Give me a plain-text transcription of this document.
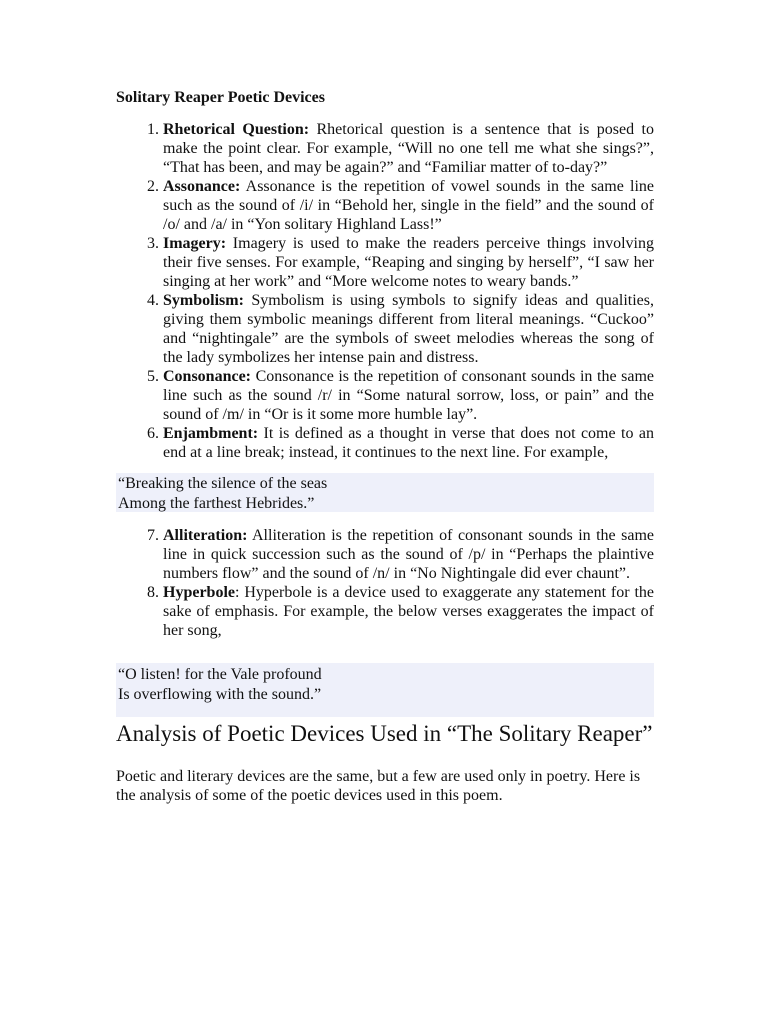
Solitary Reaper Poetic Devices
1. Rhetorical Question: Rhetorical question is a sentence that is posed to make the point clear. For example, “Will no one tell me what she sings?”, “That has been, and may be again?” and “Familiar matter of to-day?”
2. Assonance: Assonance is the repetition of vowel sounds in the same line such as the sound of /i/ in “Behold her, single in the field” and the sound of /o/ and /a/ in “Yon solitary Highland Lass!”
3. Imagery: Imagery is used to make the readers perceive things involving their five senses. For example, “Reaping and singing by herself”, “I saw her singing at her work” and “More welcome notes to weary bands.”
4. Symbolism: Symbolism is using symbols to signify ideas and qualities, giving them symbolic meanings different from literal meanings. “Cuckoo” and “nightingale” are the symbols of sweet melodies whereas the song of the lady symbolizes her intense pain and distress.
5. Consonance: Consonance is the repetition of consonant sounds in the same line such as the sound /r/ in “Some natural sorrow, loss, or pain” and the sound of /m/ in “Or is it some more humble lay”.
6. Enjambment: It is defined as a thought in verse that does not come to an end at a line break; instead, it continues to the next line. For example,
“Breaking the silence of the seas
Among the farthest Hebrides.”
7. Alliteration: Alliteration is the repetition of consonant sounds in the same line in quick succession such as the sound of /p/ in “Perhaps the plaintive numbers flow” and the sound of /n/ in “No Nightingale did ever chaunt”.
8. Hyperbole: Hyperbole is a device used to exaggerate any statement for the sake of emphasis. For example, the below verses exaggerates the impact of her song,
“O listen! for the Vale profound
Is overflowing with the sound.”
Analysis of Poetic Devices Used in “The Solitary Reaper”

Poetic and literary devices are the same, but a few are used only in poetry. Here is the analysis of some of the poetic devices used in this poem.
